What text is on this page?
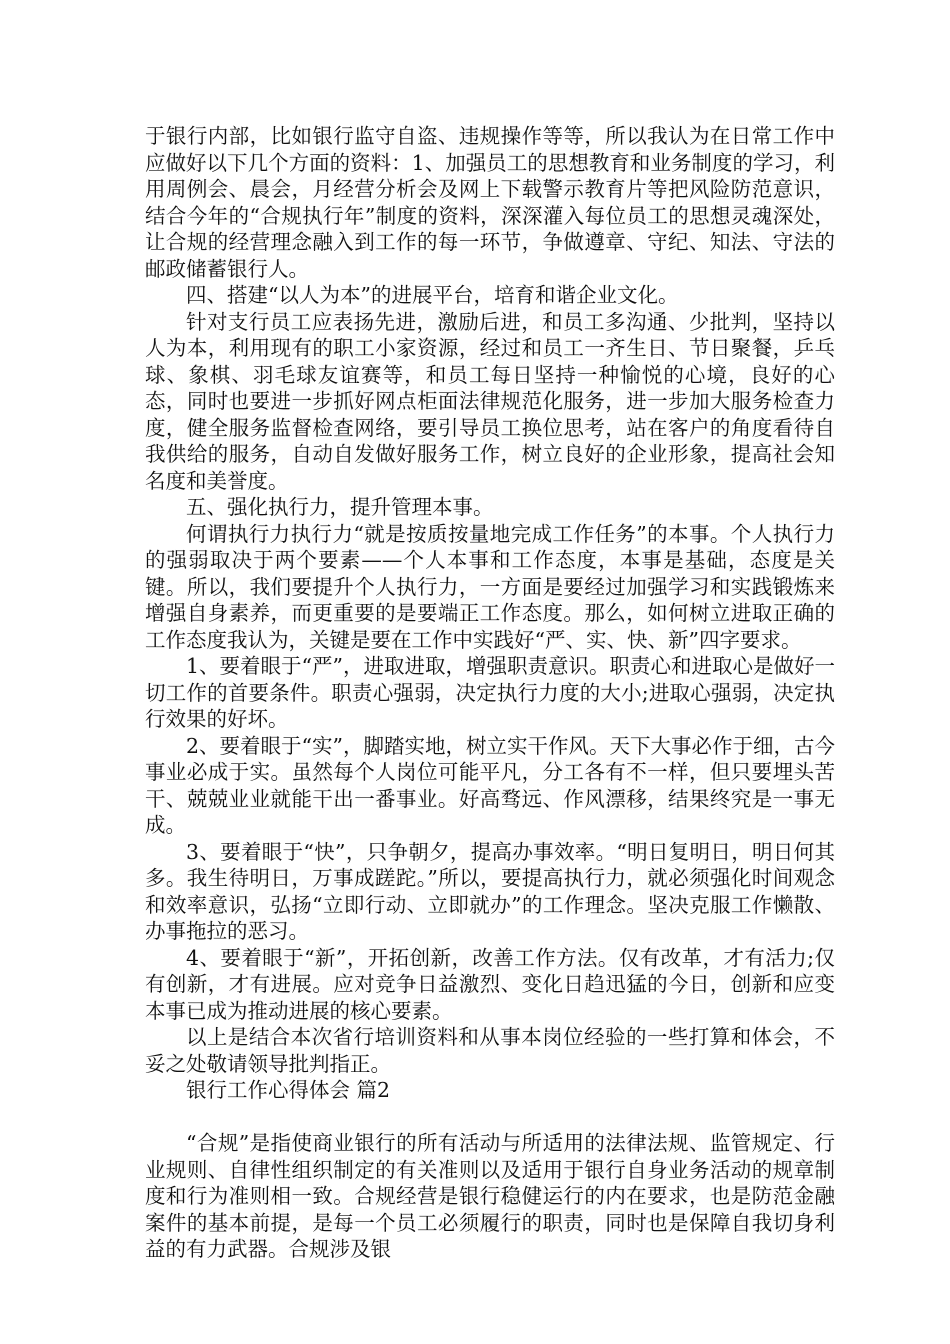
于银行内部，比如银行监守自盗、违规操作等等，所以我认为在日常工作中应做好以下几个方面的资料：1、加强员工的思想教育和业务制度的学习，利用周例会、晨会，月经营分析会及网上下载警示教育片等把风险防范意识，结合今年的“合规执行年”制度的资料，深深灌入每位员工的思想灵魂深处，让合规的经营理念融入到工作的每一环节，争做遵章、守纪、知法、守法的邮政储蓄银行人。

四、搭建“以人为本”的进展平台，培育和谐企业文化。

针对支行员工应表扬先进，激励后进，和员工多沟通、少批判，坚持以人为本，利用现有的职工小家资源，经过和员工一齐生日、节日聚餐，乒乓球、象棋、羽毛球友谊赛等，和员工每日坚持一种愉悦的心境，良好的心态，同时也要进一步抓好网点柜面法律规范化服务，进一步加大服务检查力度，健全服务监督检查网络，要引导员工换位思考，站在客户的角度看待自我供给的服务，自动自发做好服务工作，树立良好的企业形象，提高社会知名度和美誉度。

五、强化执行力，提升管理本事。

何谓执行力执行力“就是按质按量地完成工作任务”的本事。个人执行力的强弱取决于两个要素——个人本事和工作态度，本事是基础，态度是关键。所以，我们要提升个人执行力，一方面是要经过加强学习和实践锻炼来增强自身素养，而更重要的是要端正工作态度。那么，如何树立进取正确的工作态度我认为，关键是要在工作中实践好“严、实、快、新”四字要求。

1、要着眼于“严”，进取进取，增强职责意识。职责心和进取心是做好一切工作的首要条件。职责心强弱，决定执行力度的大小;进取心强弱，决定执行效果的好坏。

2、要着眼于“实”，脚踏实地，树立实干作风。天下大事必作于细，古今事业必成于实。虽然每个人岗位可能平凡，分工各有不一样，但只要埋头苦干、兢兢业业就能干出一番事业。好高骛远、作风漂移，结果终究是一事无成。

3、要着眼于“快”，只争朝夕，提高办事效率。“明日复明日，明日何其多。我生待明日，万事成蹉跎。”所以，要提高执行力，就必须强化时间观念和效率意识，弘扬“立即行动、立即就办”的工作理念。坚决克服工作懒散、办事拖拉的恶习。

4、要着眼于“新”，开拓创新，改善工作方法。仅有改革，才有活力;仅有创新，才有进展。应对竞争日益激烈、变化日趋迅猛的今日，创新和应变本事已成为推动进展的核心要素。

以上是结合本次省行培训资料和从事本岗位经验的一些打算和体会，不妥之处敬请领导批判指正。

银行工作心得体会 篇2

“合规”是指使商业银行的所有活动与所适用的法律法规、监管规定、行业规则、自律性组织制定的有关准则以及适用于银行自身业务活动的规章制度和行为准则相一致。合规经营是银行稳健运行的内在要求，也是防范金融案件的基本前提，是每一个员工必须履行的职责，同时也是保障自我切身利益的有力武器。合规涉及银
